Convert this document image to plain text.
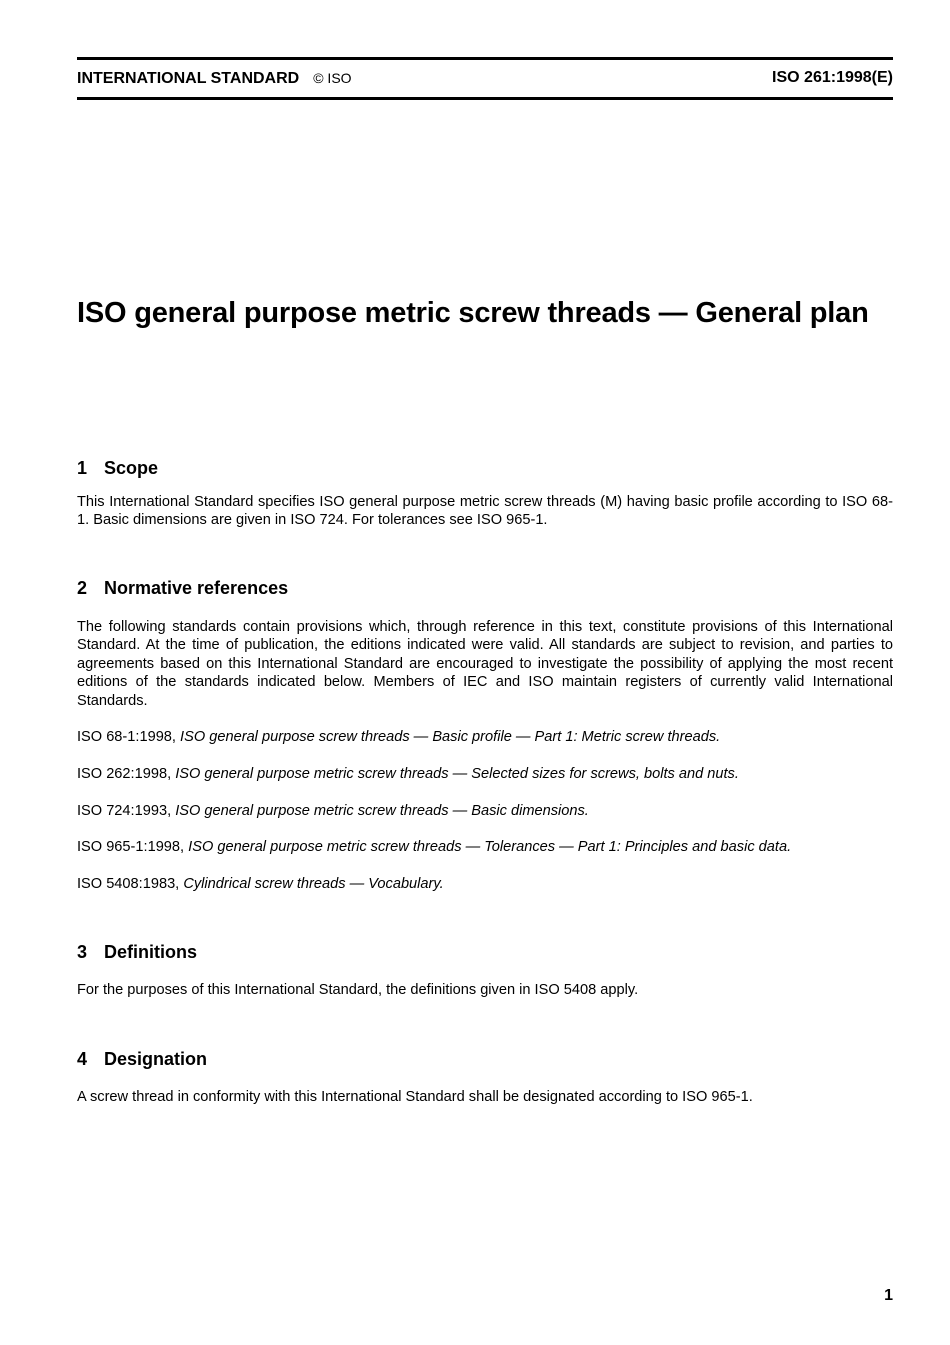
INTERNATIONAL STANDARD © ISO	ISO 261:1998(E)
ISO general purpose metric screw threads — General plan
1 Scope

This International Standard specifies ISO general purpose metric screw threads (M) having basic profile according to ISO 68-1. Basic dimensions are given in ISO 724. For tolerances see ISO 965-1.

2 Normative references

The following standards contain provisions which, through reference in this text, constitute provisions of this International Standard. At the time of publication, the editions indicated were valid. All standards are subject to revision, and parties to agreements based on this International Standard are encouraged to investigate the possibility of applying the most recent editions of the standards indicated below. Members of IEC and ISO maintain registers of currently valid International Standards.

ISO 68-1:1998, ISO general purpose screw threads — Basic profile — Part 1: Metric screw threads.

ISO 262:1998, ISO general purpose metric screw threads — Selected sizes for screws, bolts and nuts.

ISO 724:1993, ISO general purpose metric screw threads — Basic dimensions.

ISO 965-1:1998, ISO general purpose metric screw threads — Tolerances — Part 1: Principles and basic data.

ISO 5408:1983, Cylindrical screw threads — Vocabulary.

3 Definitions

For the purposes of this International Standard, the definitions given in ISO 5408 apply.

4 Designation

A screw thread in conformity with this International Standard shall be designated according to ISO 965-1.

1
